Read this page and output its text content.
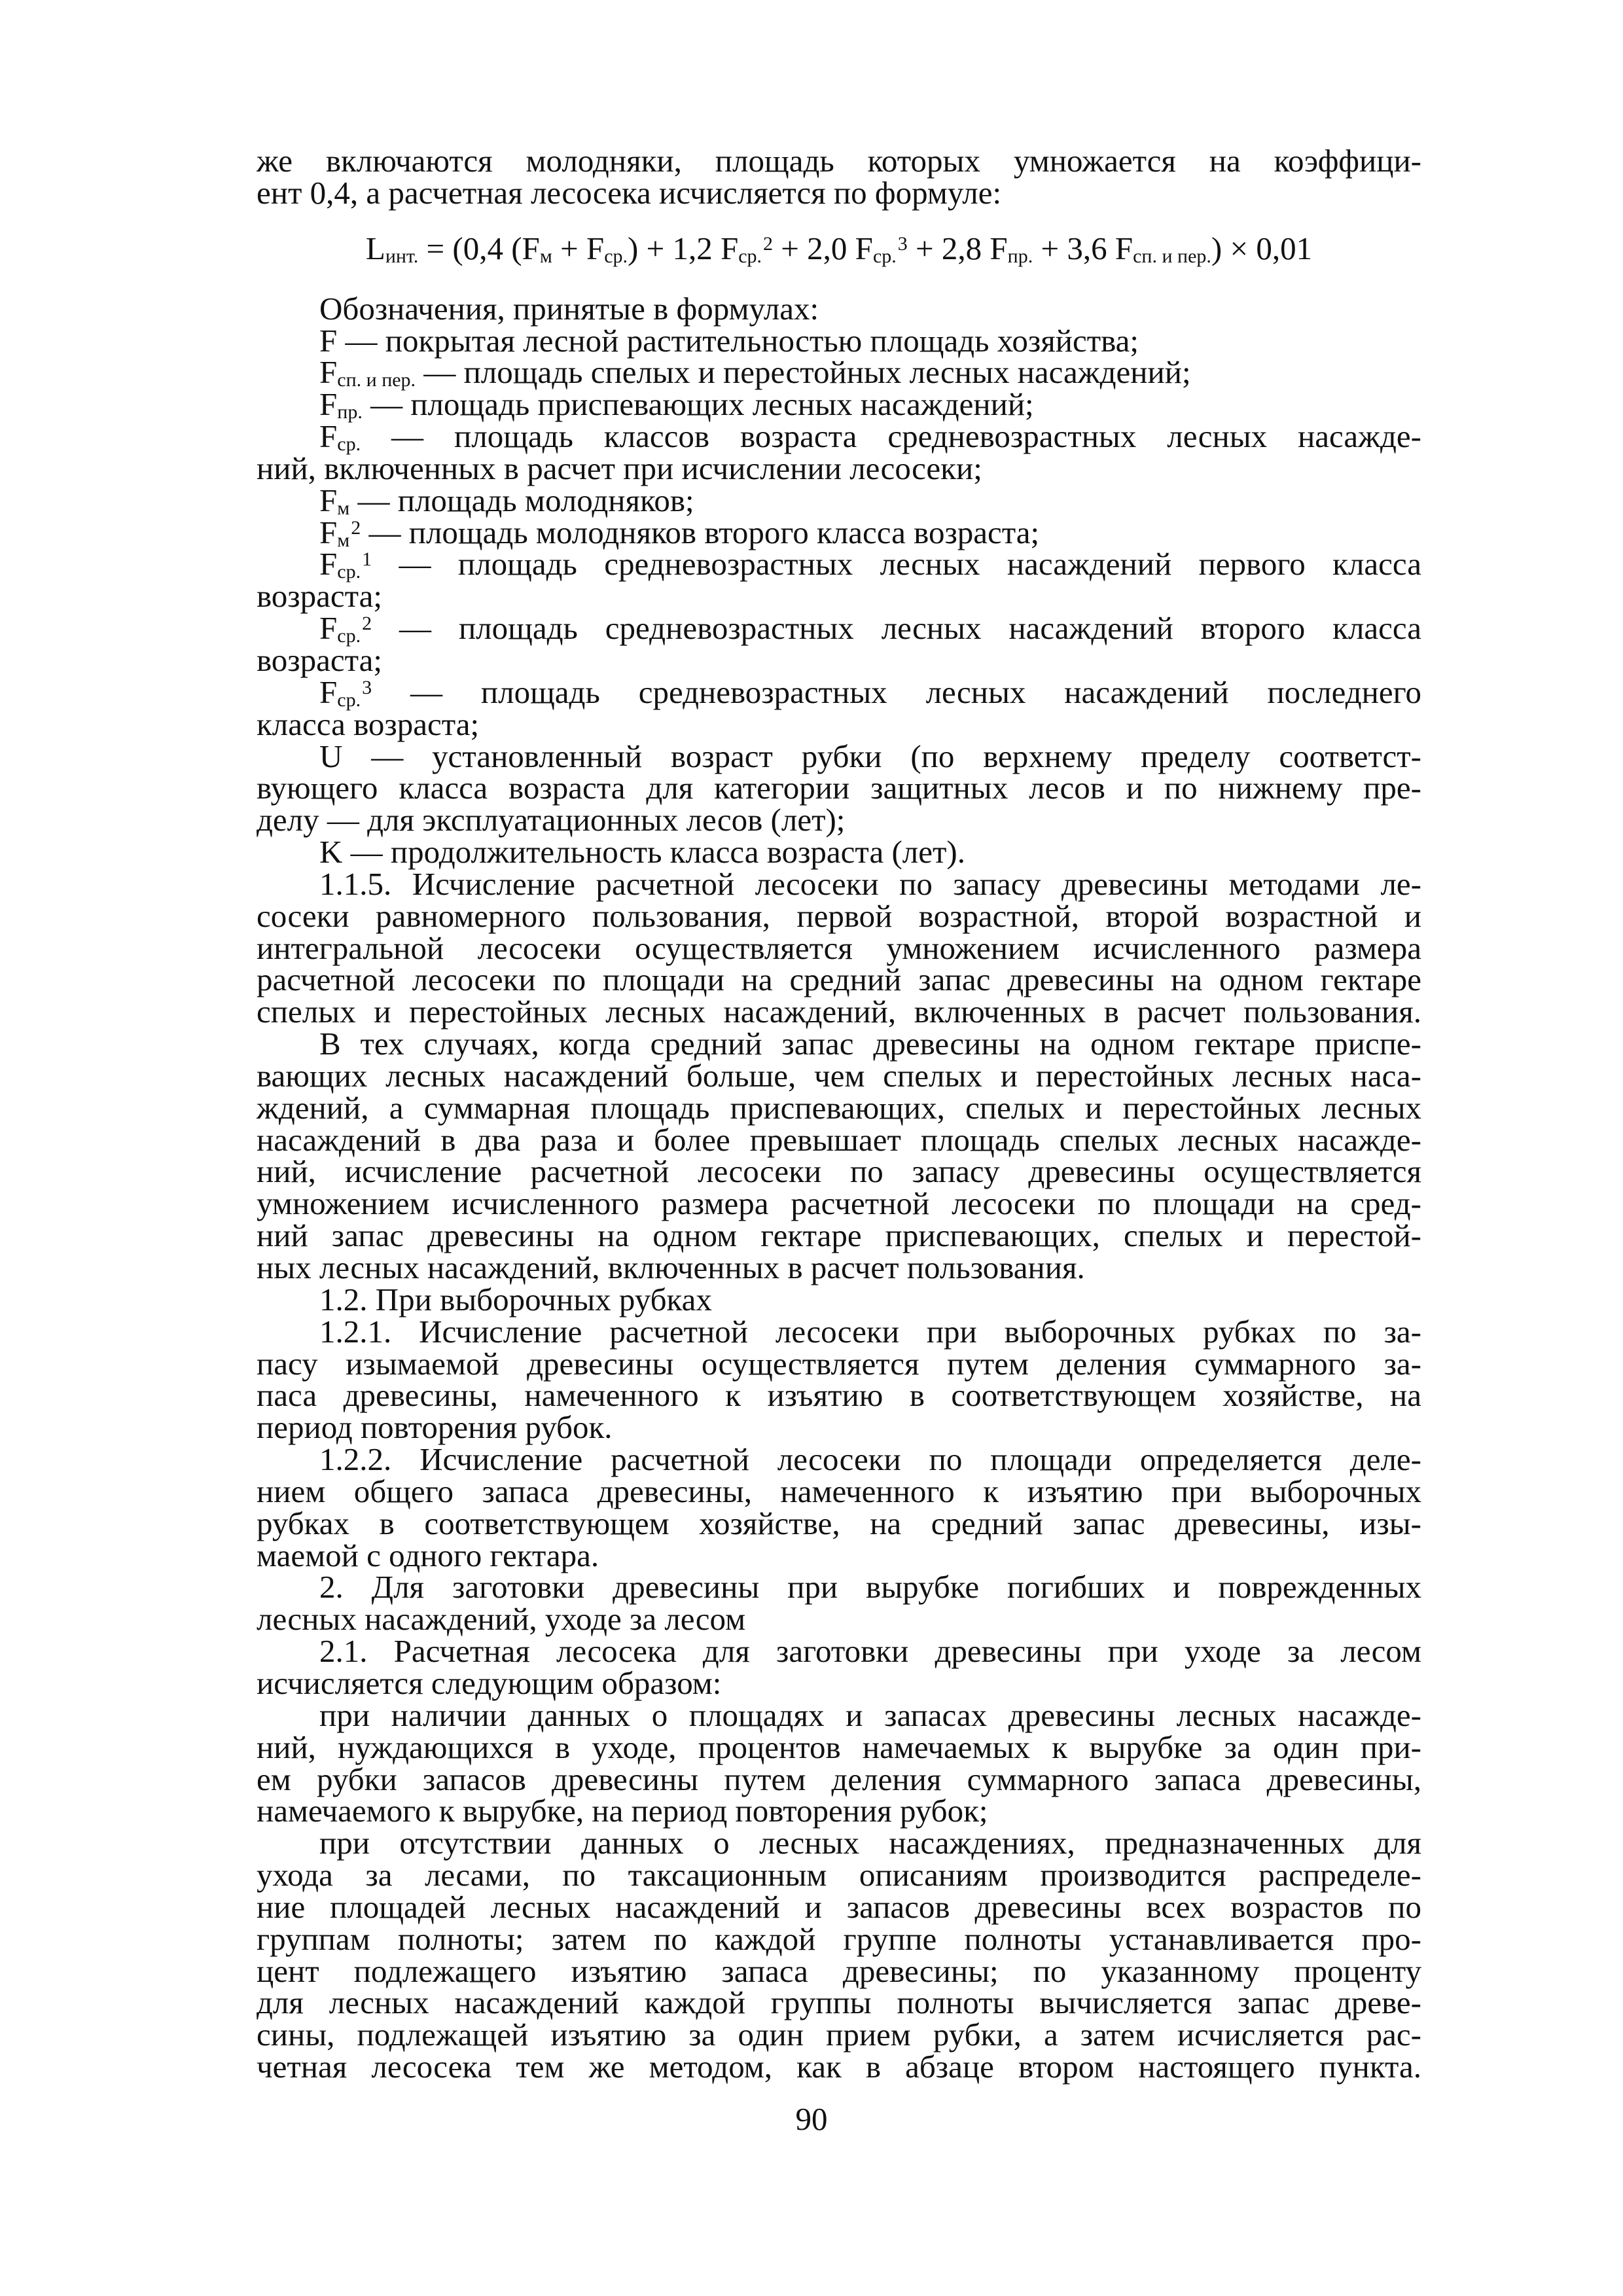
же включаются молодняки, площадь которых умножается на коэффици-
ент 0,4, а расчетная лесосека исчисляется по формуле:
$L_{инт.} = (0,4$ $(F_м + F_{ср.}) + 1,2$ $F_{ср.}^2 + 2,0$ $F_{ср.}^3 + 2,8$ $F_{пр.} + 3,6$ $F_{сп. и пер.}) \times 0,01$
Обозначения, принятые в формулах:
F — покрытая лесной растительностью площадь хозяйства;
$F_{сп. и пер.}$ — площадь спелых и перестойных лесных насаждений;
$F_{пр.}$ — площадь приспевающих лесных насаждений;
$F_{ср.}$ — площадь классов возраста средневозрастных лесных насажде-
ний, включенных в расчет при исчислении лесосеки;
$F_м$ — площадь молодняков;
$F_м^2$ — площадь молодняков второго класса возраста;
$F_{ср.}^1$ — площадь средневозрастных лесных насаждений первого класса
возраста;
$F_{ср.}^2$ — площадь средневозрастных лесных насаждений второго класса
возраста;
$F_{ср.}^3$ — площадь средневозрастных лесных насаждений последнего
класса возраста;
U — установленный возраст рубки (по верхнему пределу соответст-
вующего класса возраста для категории защитных лесов и по нижнему пре-
делу — для эксплуатационных лесов (лет);
K — продолжительность класса возраста (лет).
1.1.5. Исчисление расчетной лесосеки по запасу древесины методами ле-
сосеки равномерного пользования, первой возрастной, второй возрастной и
интегральной лесосеки осуществляется умножением исчисленного размера
расчетной лесосеки по площади на средний запас древесины на одном гектаре
спелых и перестойных лесных насаждений, включенных в расчет пользования.
В тех случаях, когда средний запас древесины на одном гектаре приспе-
вающих лесных насаждений больше, чем спелых и перестойных лесных наса-
ждений, а суммарная площадь приспевающих, спелых и перестойных лесных
насаждений в два раза и более превышает площадь спелых лесных насажде-
ний, исчисление расчетной лесосеки по запасу древесины осуществляется
умножением исчисленного размера расчетной лесосеки по площади на сред-
ний запас древесины на одном гектаре приспевающих, спелых и перестой-
ных лесных насаждений, включенных в расчет пользования.
1.2. При выборочных рубках
1.2.1. Исчисление расчетной лесосеки при выборочных рубках по за-
пасу изымаемой древесины осуществляется путем деления суммарного за-
паса древесины, намеченного к изъятию в соответствующем хозяйстве, на
период повторения рубок.
1.2.2. Исчисление расчетной лесосеки по площади определяется деле-
нием общего запаса древесины, намеченного к изъятию при выборочных
рубках в соответствующем хозяйстве, на средний запас древесины, изы-
маемой с одного гектара.
2. Для заготовки древесины при вырубке погибших и поврежденных
лесных насаждений, уходе за лесом
2.1. Расчетная лесосека для заготовки древесины при уходе за лесом
исчисляется следующим образом:
при наличии данных о площадях и запасах древесины лесных насажде-
ний, нуждающихся в уходе, процентов намечаемых к вырубке за один при-
ем рубки запасов древесины путем деления суммарного запаса древесины,
намечаемого к вырубке, на период повторения рубок;
при отсутствии данных о лесных насаждениях, предназначенных для
ухода за лесами, по таксационным описаниям производится распределе-
ние площадей лесных насаждений и запасов древесины всех возрастов по
группам полноты; затем по каждой группе полноты устанавливается про-
цент подлежащего изъятию запаса древесины; по указанному проценту
для лесных насаждений каждой группы полноты вычисляется запас древе-
сины, подлежащей изъятию за один прием рубки, а затем исчисляется рас-
четная лесосека тем же методом, как в абзаце втором настоящего пункта.
90
